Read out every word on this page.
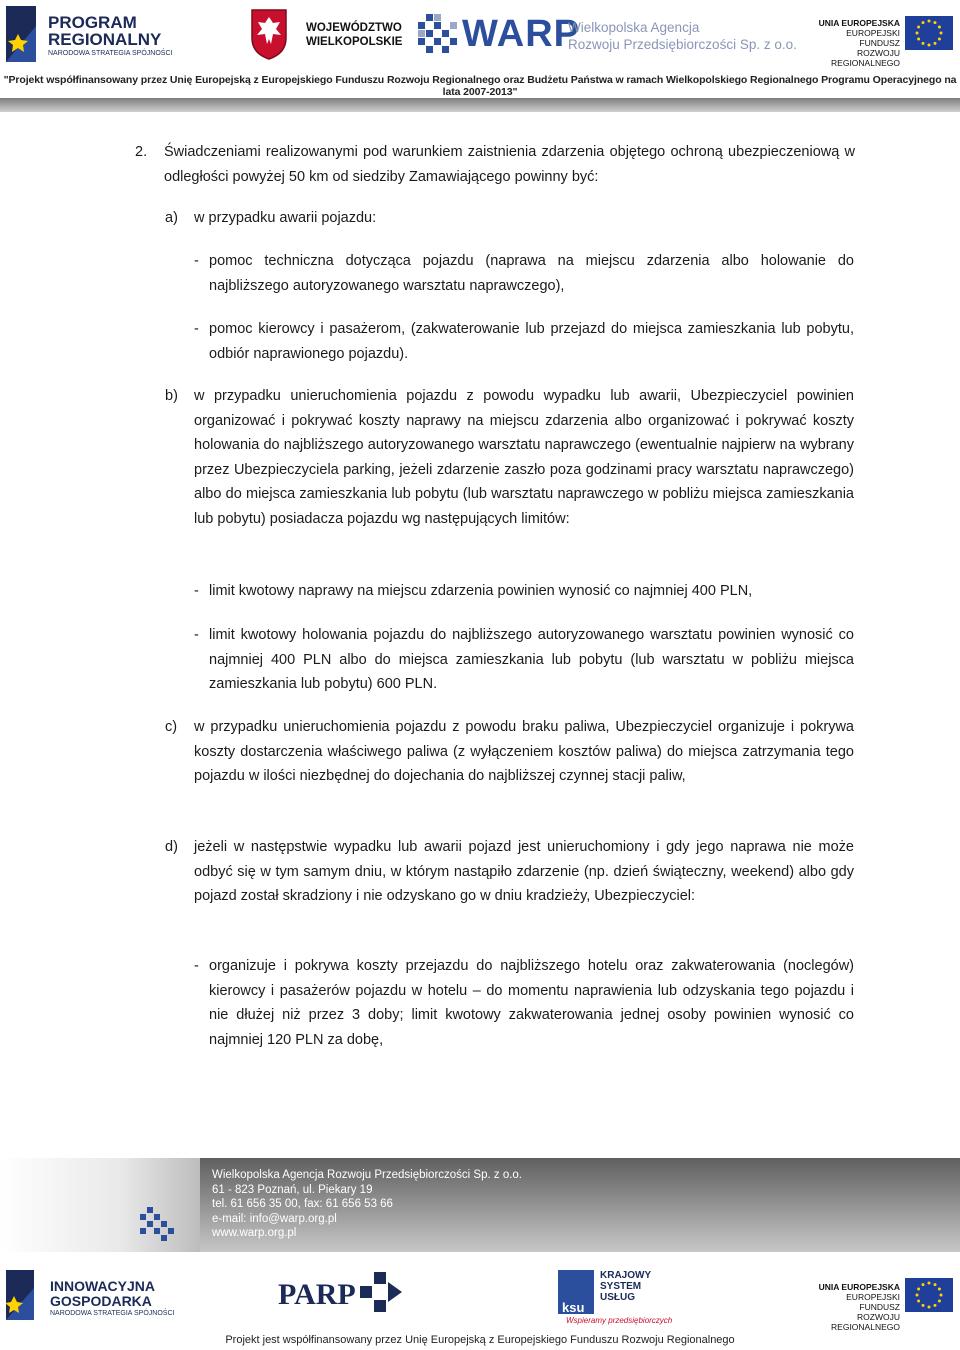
PROGRAM
REGIONALNY
NARODOWA STRATEGIA SPÓJNOŚCI
WOJEWÓDZTWO
WIELKOPOLSKIE WARP
Wielkopolska Agencja
Rozwoju Przedsiębiorczości Sp. z o.o.
UNIA EUROPEJSKA
EUROPEJSKI FUNDUSZ
ROZWOJU REGIONALNEGO
"Projekt współfinansowany przez Unię Europejską z Europejskiego Funduszu Rozwoju Regionalnego oraz Budżetu Państwa w ramach Wielkopolskiego Regionalnego Programu Operacyjnego na lata 2007-2013"
2. Świadczeniami realizowanymi pod warunkiem zaistnienia zdarzenia objętego ochroną ubezpieczeniową w odległości powyżej 50 km od siedziby Zamawiającego powinny być:
a) w przypadku awarii pojazdu:
- pomoc techniczna dotycząca pojazdu (naprawa na miejscu zdarzenia albo holowanie do najbliższego autoryzowanego warsztatu naprawczego),
- pomoc kierowcy i pasażerom, (zakwaterowanie lub przejazd do miejsca zamieszkania lub pobytu, odbiór naprawionego pojazdu).
b) w przypadku unieruchomienia pojazdu z powodu wypadku lub awarii, Ubezpieczyciel powinien organizować i pokrywać koszty naprawy na miejscu zdarzenia albo organizować i pokrywać koszty holowania do najbliższego autoryzowanego warsztatu naprawczego (ewentualnie najpierw na wybrany przez Ubezpieczyciela parking, jeżeli zdarzenie zaszło poza godzinami pracy warsztatu naprawczego) albo do miejsca zamieszkania lub pobytu (lub warsztatu naprawczego w pobliżu miejsca zamieszkania lub pobytu) posiadacza pojazdu wg następujących limitów:
- limit kwotowy naprawy na miejscu zdarzenia powinien wynosić co najmniej 400 PLN,
- limit kwotowy holowania pojazdu do najbliższego autoryzowanego warsztatu powinien wynosić co najmniej 400 PLN albo do miejsca zamieszkania lub pobytu (lub warsztatu w pobliżu miejsca zamieszkania lub pobytu) 600 PLN.
c) w przypadku unieruchomienia pojazdu z powodu braku paliwa, Ubezpieczyciel organizuje i pokrywa koszty dostarczenia właściwego paliwa (z wyłączeniem kosztów paliwa) do miejsca zatrzymania tego pojazdu w ilości niezbędnej do dojechania do najbliższej czynnej stacji paliw,
d) jeżeli w następstwie wypadku lub awarii pojazd jest unieruchomiony i gdy jego naprawa nie może odbyć się w tym samym dniu, w którym nastąpiło zdarzenie (np. dzień świąteczny, weekend) albo gdy pojazd został skradziony i nie odzyskano go w dniu kradzieży, Ubezpieczyciel:
- organizuje i pokrywa koszty przejazdu do najbliższego hotelu oraz zakwaterowania (noclegów) kierowcy i pasażerów pojazdu w hotelu – do momentu naprawienia lub odzyskania tego pojazdu i nie dłużej niż przez 3 doby; limit kwotowy zakwaterowania jednej osoby powinien wynosić co najmniej 120 PLN za dobę,
Wielkopolska Agencja Rozwoju Przedsiębiorczości Sp. z o.o.
61 - 823 Poznań, ul. Piekary 19
tel. 61 656 35 00, fax: 61 656 53 66
e-mail: info@warp.org.pl
www.warp.org.pl
INNOWACYJNA
GOSPODARKA
NARODOWA STRATEGIA SPÓJNOŚCI
PARP	ksu
KRAJOWY
SYSTEM
USŁUG
Wspieramy przedsiębiorczych
UNIA EUROPEJSKA
EUROPEJSKI FUNDUSZ
ROZWOJU REGIONALNEGO
Projekt jest współfinansowany przez Unię Europejską z Europejskiego Funduszu Rozwoju Regionalnego
